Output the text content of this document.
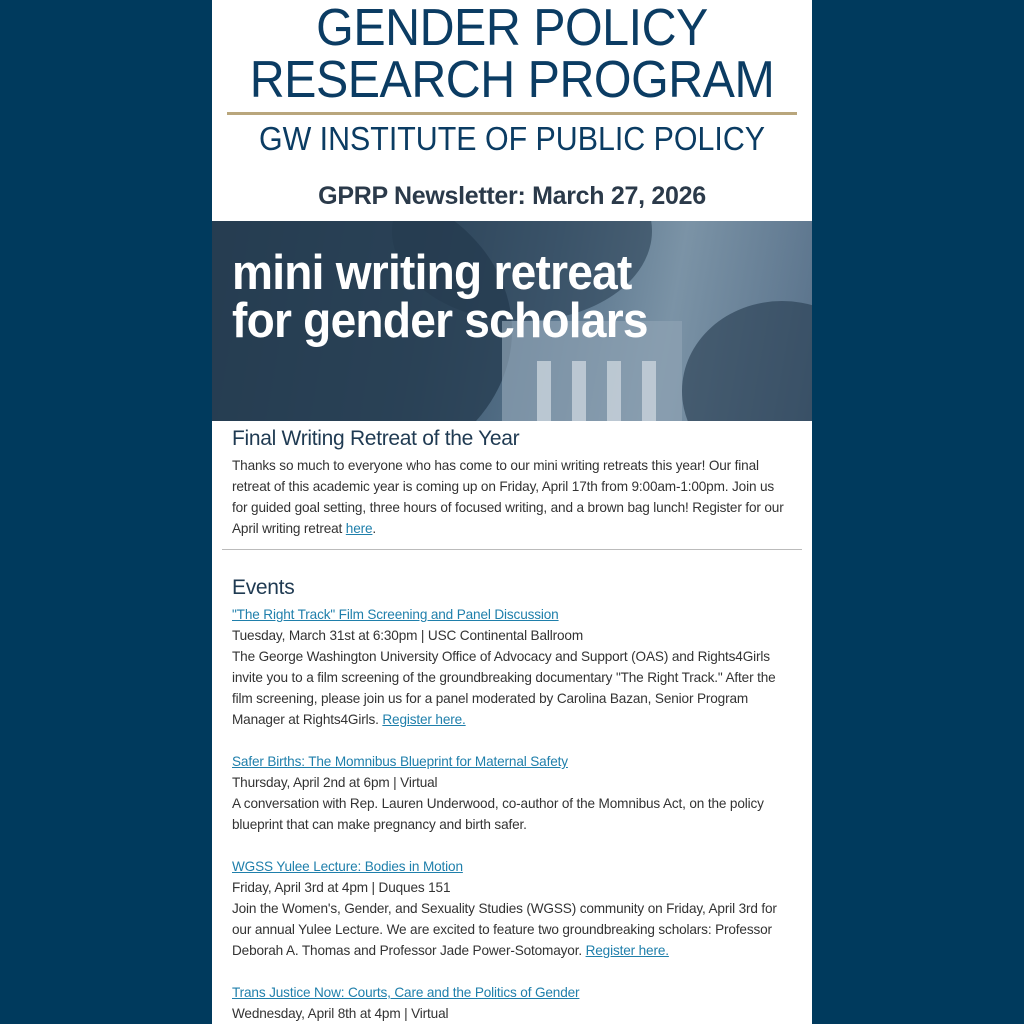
GENDER POLICY
RESEARCH PROGRAM
GW INSTITUTE OF PUBLIC POLICY
GPRP Newsletter: March 27, 2026
mini writing retreat
for gender scholars
Final Writing Retreat of the Year

Thanks so much to everyone who has come to our mini writing retreats this year! Our final retreat of this academic year is coming up on Friday, April 17th from 9:00am-1:00pm. Join us for guided goal setting, three hours of focused writing, and a brown bag lunch! Register for our April writing retreat here.

Events

"The Right Track" Film Screening and Panel Discussion

Tuesday, March 31st at 6:30pm | USC Continental Ballroom

The George Washington University Office of Advocacy and Support (OAS) and Rights4Girls invite you to a film screening of the groundbreaking documentary "The Right Track." After the film screening, please join us for a panel moderated by Carolina Bazan, Senior Program Manager at Rights4Girls. Register here.

Safer Births: The Momnibus Blueprint for Maternal Safety

Thursday, April 2nd at 6pm | Virtual

A conversation with Rep. Lauren Underwood, co-author of the Momnibus Act, on the policy blueprint that can make pregnancy and birth safer.

WGSS Yulee Lecture: Bodies in Motion

Friday, April 3rd at 4pm | Duques 151

Join the Women's, Gender, and Sexuality Studies (WGSS) community on Friday, April 3rd for our annual Yulee Lecture. We are excited to feature two groundbreaking scholars: Professor Deborah A. Thomas and Professor Jade Power-Sotomayor. Register here.

Trans Justice Now: Courts, Care and the Politics of Gender

Wednesday, April 8th at 4pm | Virtual
